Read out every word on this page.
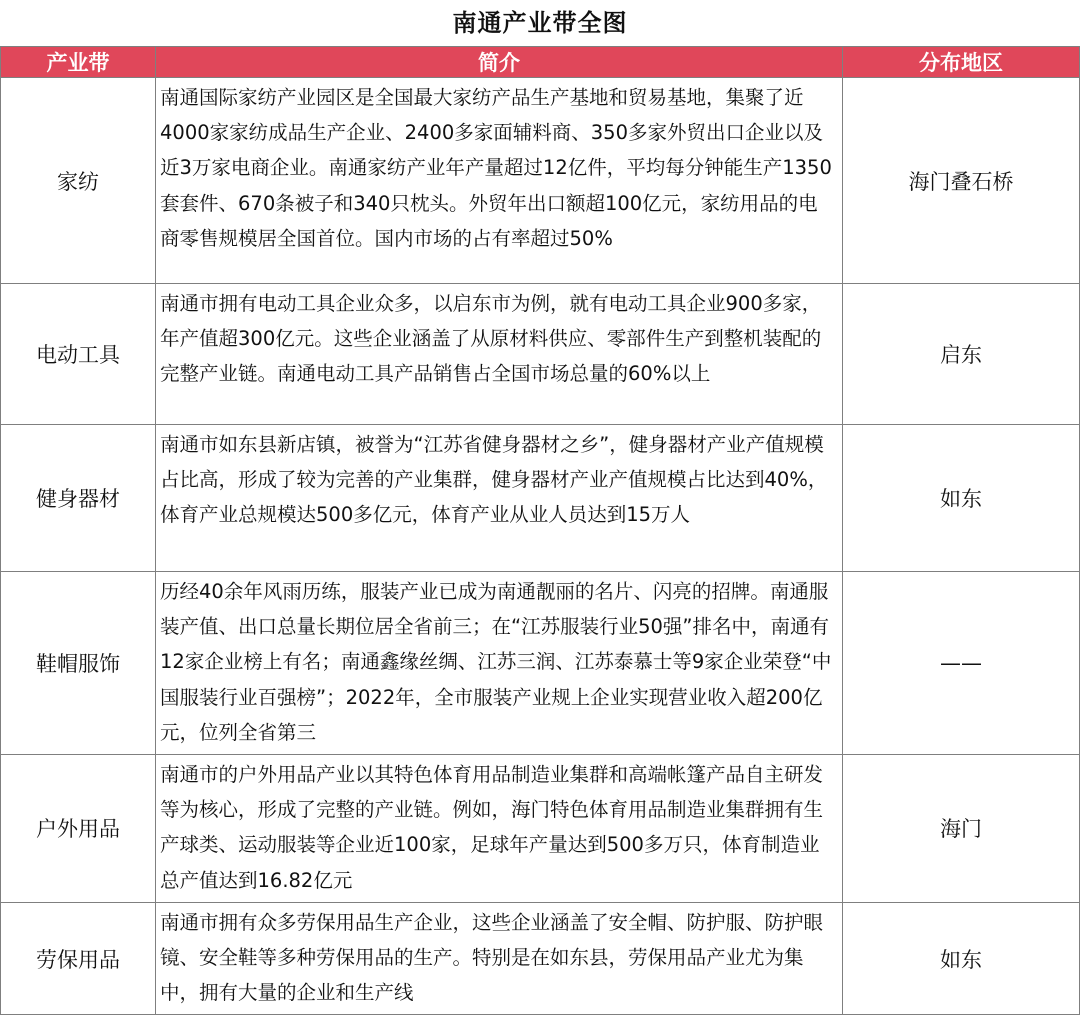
南通产业带全图
产业带	简介	分布地区
家纺	南通国际家纺产业园区是全国最大家纺产品生产基地和贸易基地，集聚了近4000家家纺成品生产企业、2400多家面辅料商、350多家外贸出口企业以及近3万家电商企业。南通家纺产业年产量超过12亿件，平均每分钟能生产1350套套件、670条被子和340只枕头。外贸年出口额超100亿元，家纺用品的电商零售规模居全国首位。国内市场的占有率超过50%	海门叠石桥
电动工具	南通市拥有电动工具企业众多，以启东市为例，就有电动工具企业900多家，年产值超300亿元。这些企业涵盖了从原材料供应、零部件生产到整机装配的完整产业链。南通电动工具产品销售占全国市场总量的60%以上	启东
健身器材	南通市如东县新店镇，被誉为“江苏省健身器材之乡”，健身器材产业产值规模占比高，形成了较为完善的产业集群，健身器材产业产值规模占比达到40%，体育产业总规模达500多亿元，体育产业从业人员达到15万人	如东
鞋帽服饰	历经40余年风雨历练，服装产业已成为南通靓丽的名片、闪亮的招牌。南通服装产值、出口总量长期位居全省前三；在“江苏服装行业50强”排名中，南通有12家企业榜上有名；南通鑫缘丝绸、江苏三润、江苏泰慕士等9家企业荣登“中国服装行业百强榜”；2022年，全市服装产业规上企业实现营业收入超200亿元，位列全省第三	——
户外用品	南通市的户外用品产业以其特色体育用品制造业集群和高端帐篷产品自主研发等为核心，形成了完整的产业链。例如，海门特色体育用品制造业集群拥有生产球类、运动服装等企业近100家，足球年产量达到500多万只，体育制造业总产值达到16.82亿元	海门
劳保用品	南通市拥有众多劳保用品生产企业，这些企业涵盖了安全帽、防护服、防护眼镜、安全鞋等多种劳保用品的生产。特别是在如东县，劳保用品产业尤为集中，拥有大量的企业和生产线	如东
